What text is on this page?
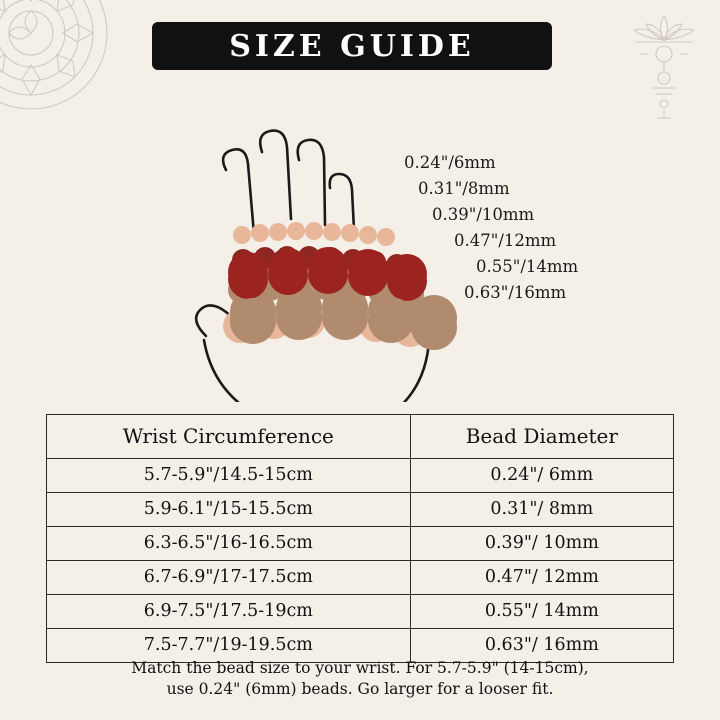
SIZE GUIDE
0.24"/6mm
0.31"/8mm
0.39"/10mm
0.47"/12mm
0.55"/14mm
0.63"/16mm
Wrist Circumference	Bead Diameter
5.7-5.9"/14.5-15cm	0.24"/ 6mm
5.9-6.1"/15-15.5cm	0.31"/ 8mm
6.3-6.5"/16-16.5cm	0.39"/ 10mm
6.7-6.9"/17-17.5cm	0.47"/ 12mm
6.9-7.5"/17.5-19cm	0.55"/ 14mm
7.5-7.7"/19-19.5cm	0.63"/ 16mm
Match the bead size to your wrist. For 5.7-5.9" (14-15cm),
use 0.24" (6mm) beads. Go larger for a looser fit.
